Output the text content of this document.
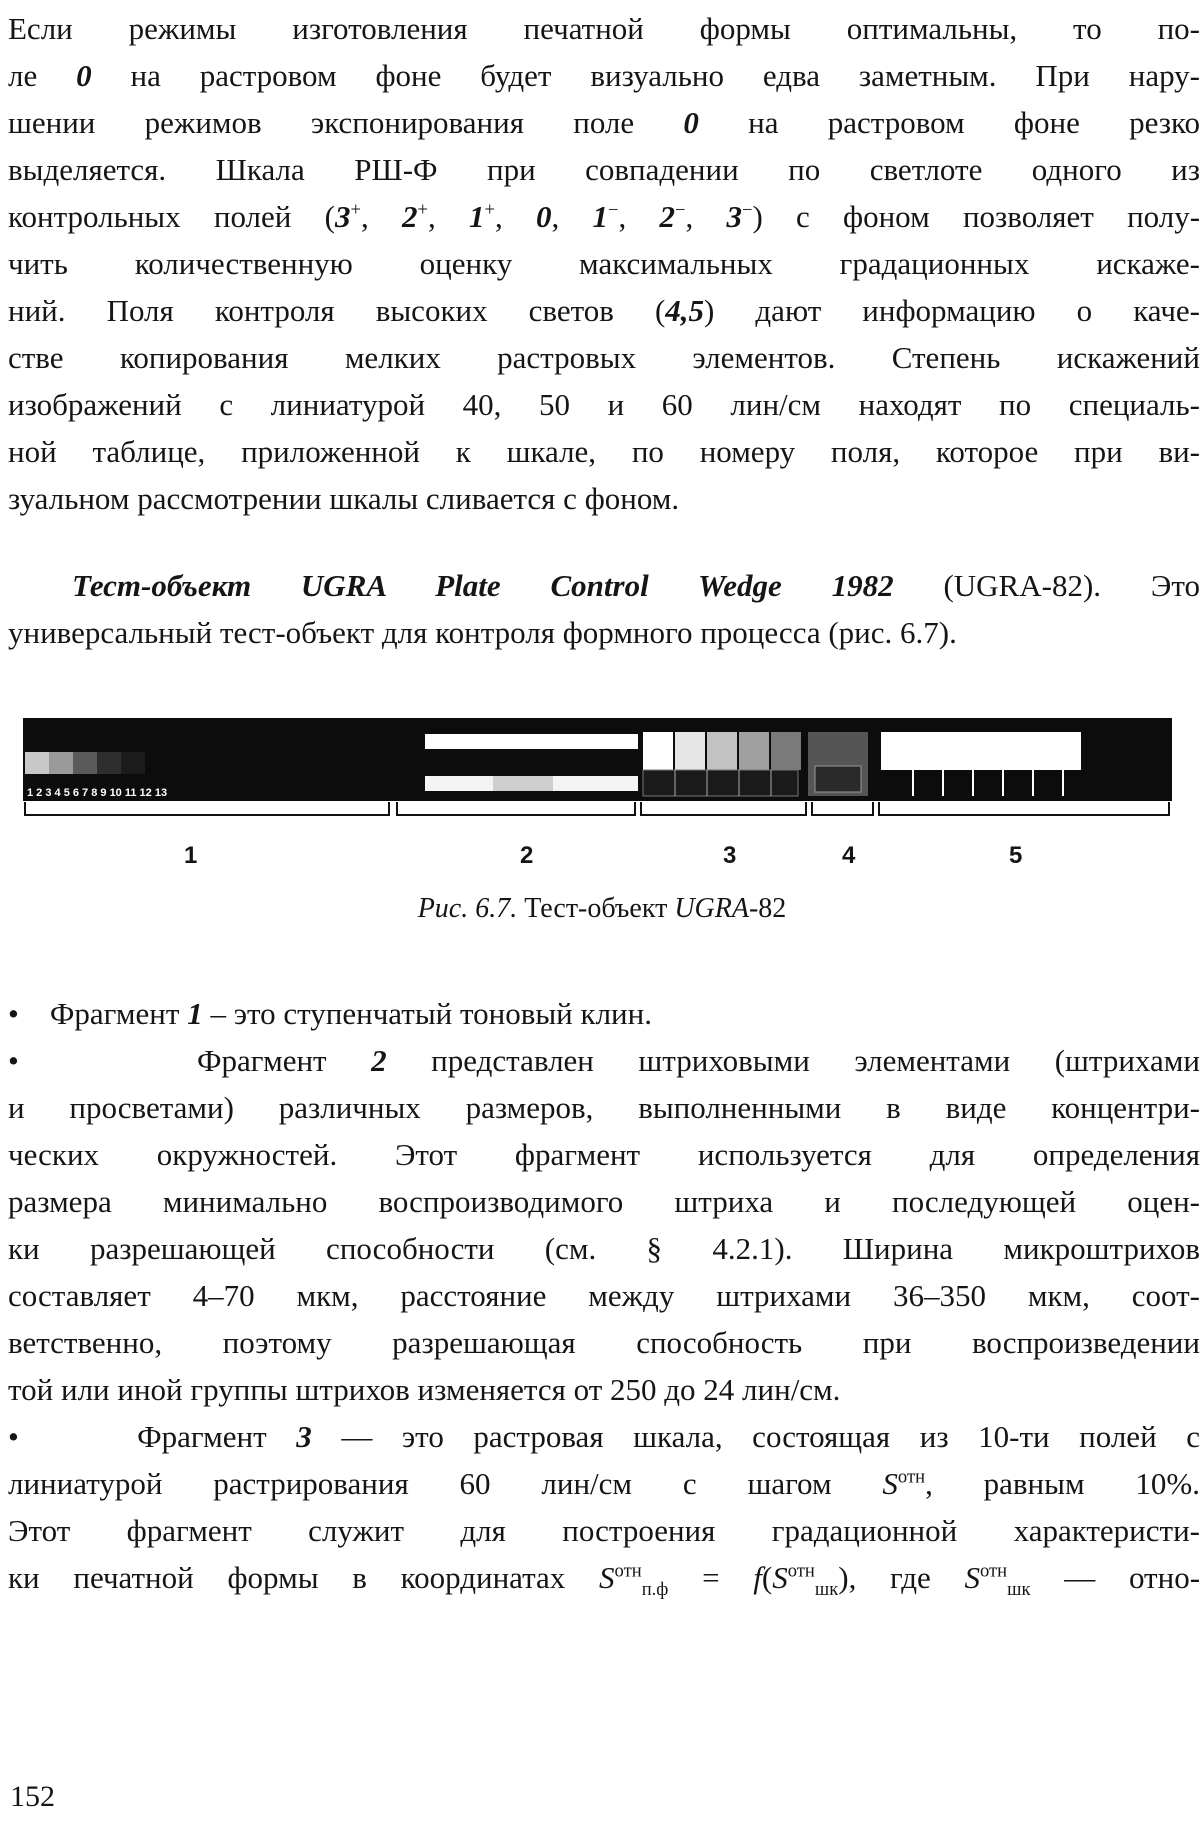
Если режимы изготовления печатной формы оптимальны, то по-
ле 0 на растровом фоне будет визуально едва заметным. При нару-
шении режимов экспонирования поле 0 на растровом фоне резко
выделяется. Шкала РШ-Ф при совпадении по светлоте одного из
контрольных полей (3+, 2+, 1+, 0, 1−, 2−, 3−) с фоном позволяет полу-
чить количественную оценку максимальных градационных искаже-
ний. Поля контроля высоких светов (4,5) дают информацию о каче-
стве копирования мелких растровых элементов. Степень искажений
изображений с линиатурой 40, 50 и 60 лин/см находят по специаль-
ной таблице, приложенной к шкале, по номеру поля, которое при ви-
зуальном рассмотрении шкалы сливается с фоном.
Тест-объект UGRA Plate Control Wedge 1982 (UGRA-82). Это
универсальный тест-объект для контроля формного процесса (рис. 6.7).
1 2 3 4 5 6 7 8 9 10 11 12 13
1	2	3	4	5
Рис. 6.7. Тест-объект UGRA-82
•    Фрагмент 1 – это ступенчатый тоновый клин.
•    Фрагмент 2 представлен штриховыми элементами (штрихами
и просветами) различных размеров, выполненными в виде концентри-
ческих окружностей. Этот фрагмент используется для определения
размера минимально воспроизводимого штриха и последующей оцен-
ки разрешающей способности (см. § 4.2.1). Ширина микроштрихов
составляет 4–70 мкм, расстояние между штрихами 36–350 мкм, соот-
ветственно, поэтому разрешающая способность при воспроизведении
той или иной группы штрихов изменяется от 250 до 24 лин/см.
•    Фрагмент 3 — это растровая шкала, состоящая из 10-ти полей с
линиатурой растрирования 60 лин/см с шагом $S^{отн}$, равным 10%.
Этот фрагмент служит для построения градационной характеристи-
ки печатной формы в координатах $S^{отн}_{п.ф} = f(S^{отн}_{шк})$, где $S^{отн}_{шк}$ — отно-
152
